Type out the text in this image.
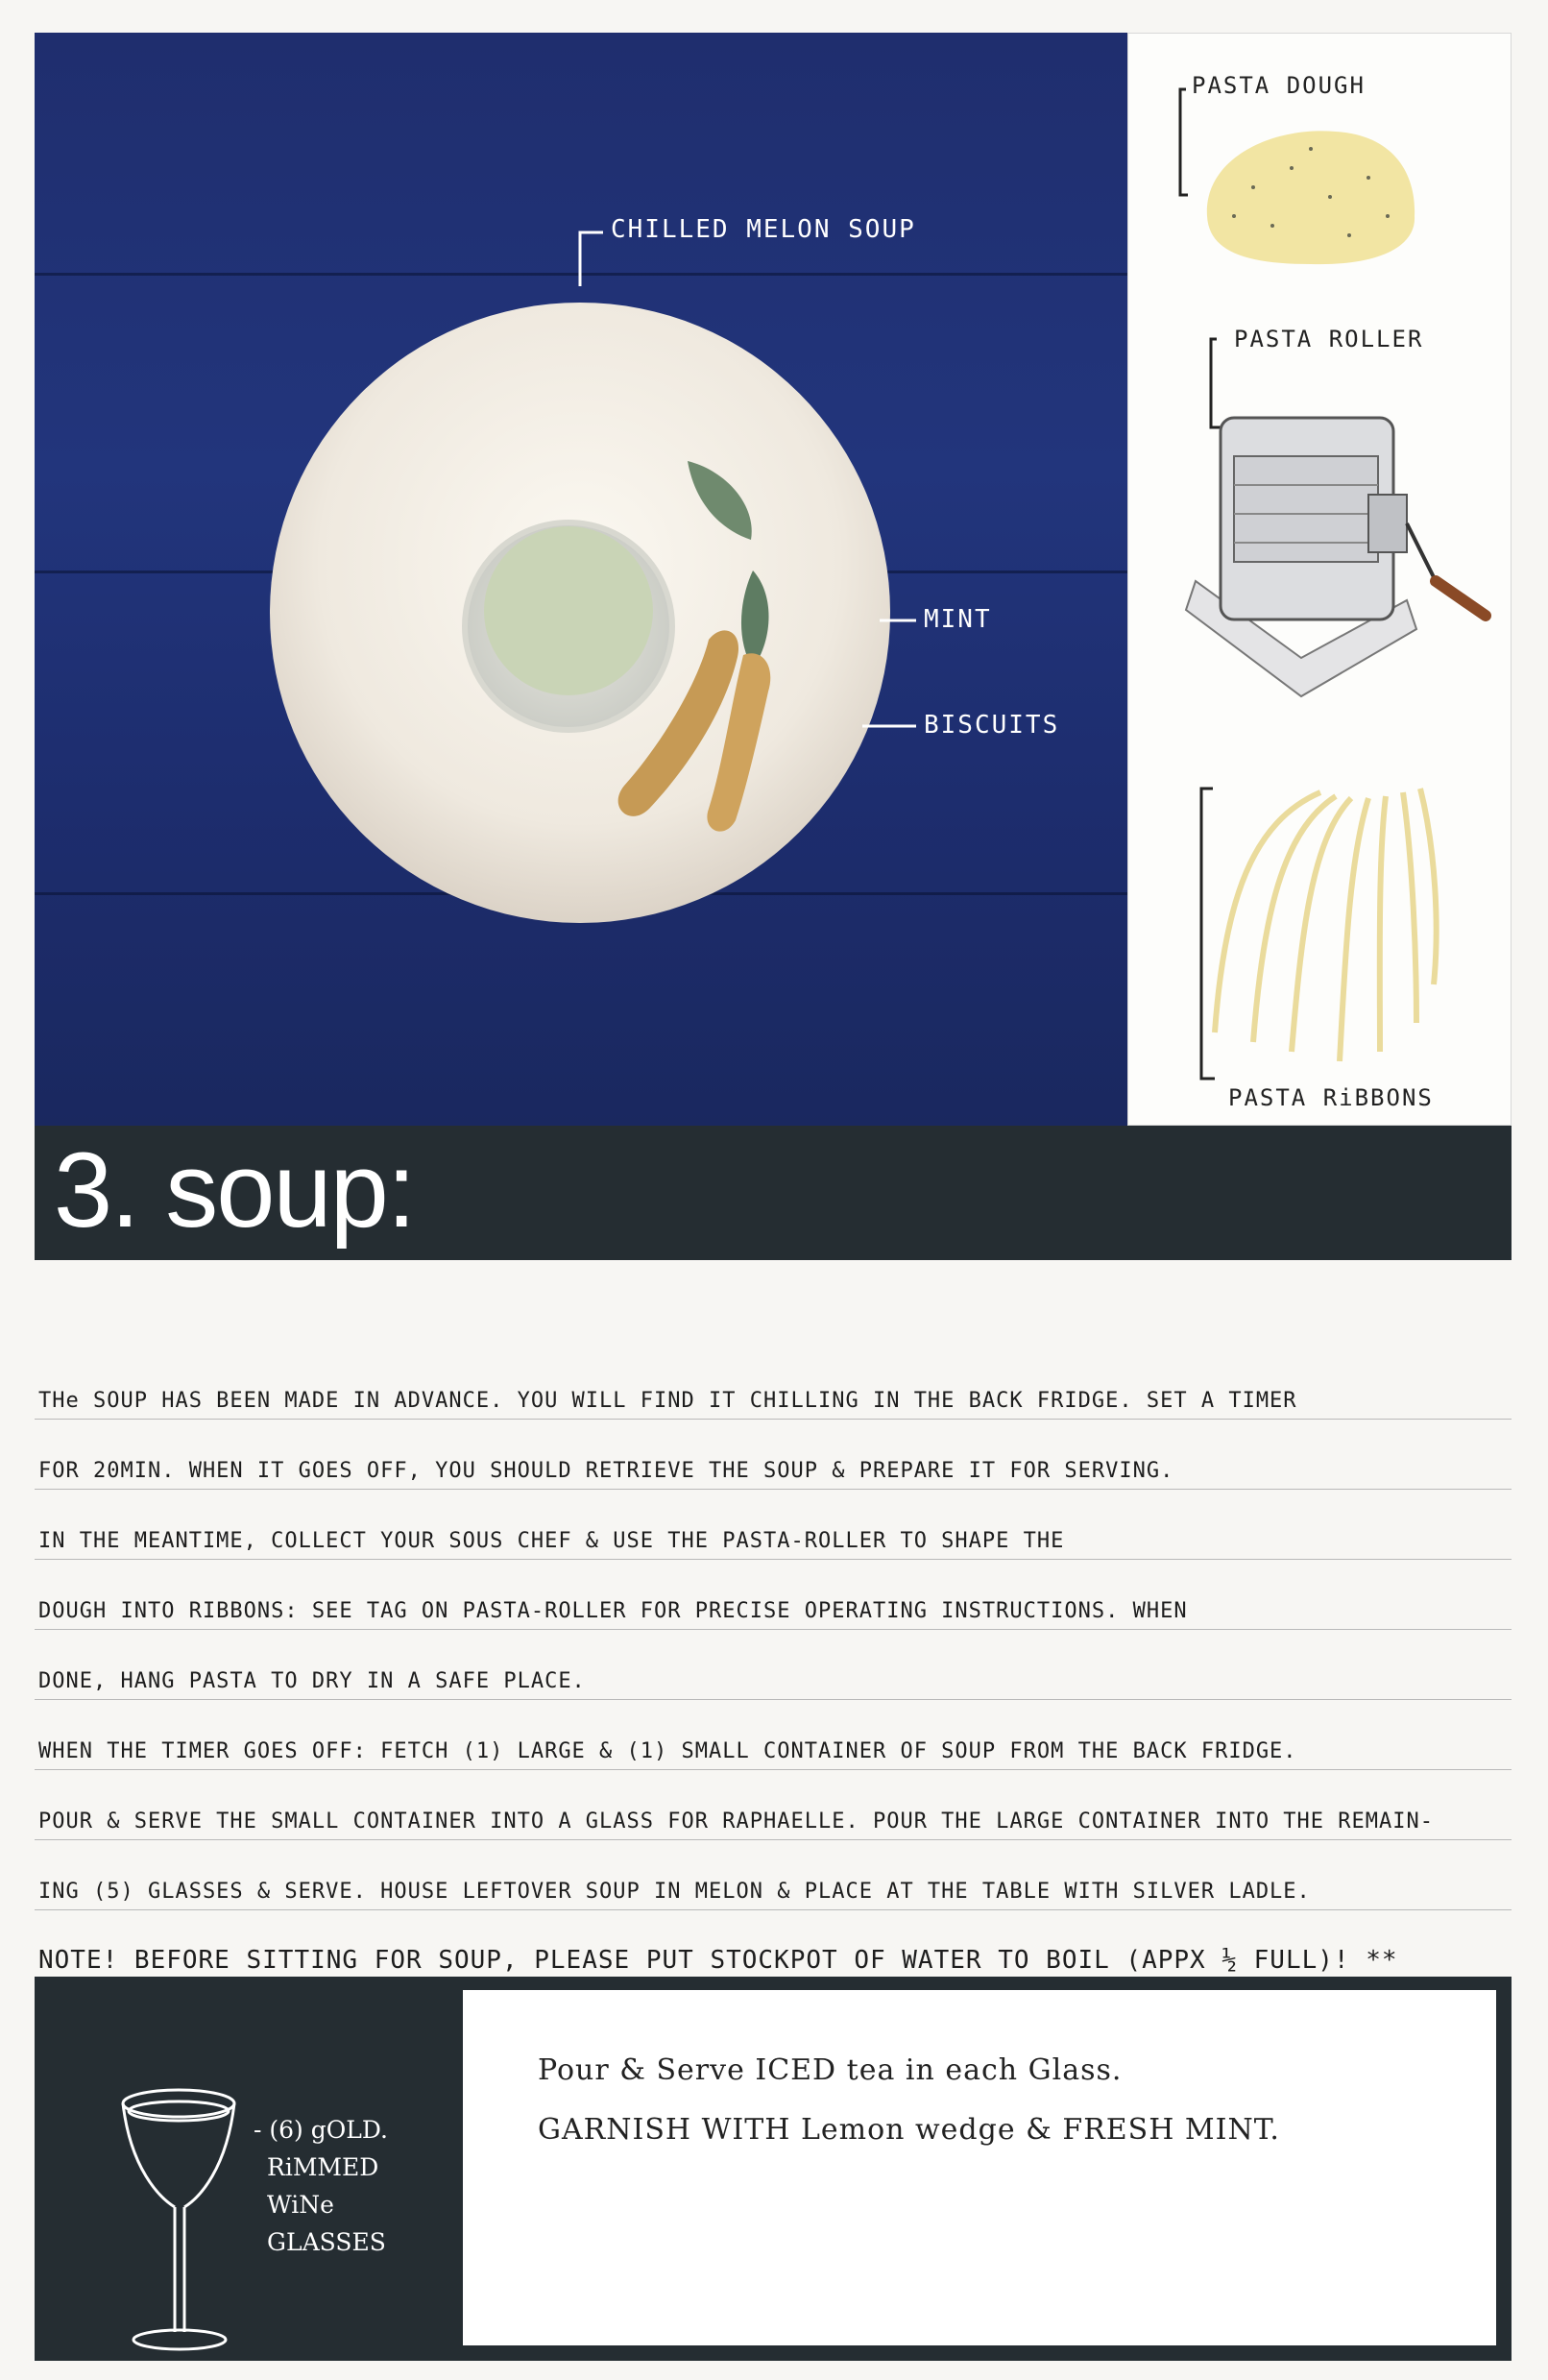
CHILLED MELON SOUP
MINT
BISCUITS
PASTA DOUGH
PASTA ROLLER
PASTA RiBBONS
3. soup:
THe SOUP HAS BEEN MADE IN ADVANCE. YOU WILL FIND IT CHILLING IN THE BACK FRIDGE. SET A TIMER
FOR 20MIN. WHEN IT GOES OFF, YOU SHOULD RETRIEVE THE SOUP & PREPARE IT FOR SERVING.
IN THE MEANTIME, COLLECT YOUR SOUS CHEF & USE THE PASTA-ROLLER TO SHAPE THE
DOUGH INTO RIBBONS: SEE TAG ON PASTA-ROLLER FOR PRECISE OPERATING INSTRUCTIONS. WHEN
DONE, HANG PASTA TO DRY IN A SAFE PLACE.
WHEN THE TIMER GOES OFF: FETCH (1) LARGE & (1) SMALL CONTAINER OF SOUP FROM THE BACK FRIDGE.
POUR & SERVE THE SMALL CONTAINER INTO A GLASS FOR RAPHAELLE. POUR THE LARGE CONTAINER INTO THE REMAIN-
ING (5) GLASSES & SERVE. HOUSE LEFTOVER SOUP IN MELON & PLACE AT THE TABLE WITH SILVER LADLE.
NOTE! BEFORE SITTING FOR SOUP, PLEASE PUT STOCKPOT OF WATER TO BOIL (APPX ½ FULL)! **
- (6) gOLD.
RiMMED
WiNe
GLASSES
Pour & Serve ICED tea in each Glass.
GARNISH WITH Lemon wedge & FRESH MINT.
